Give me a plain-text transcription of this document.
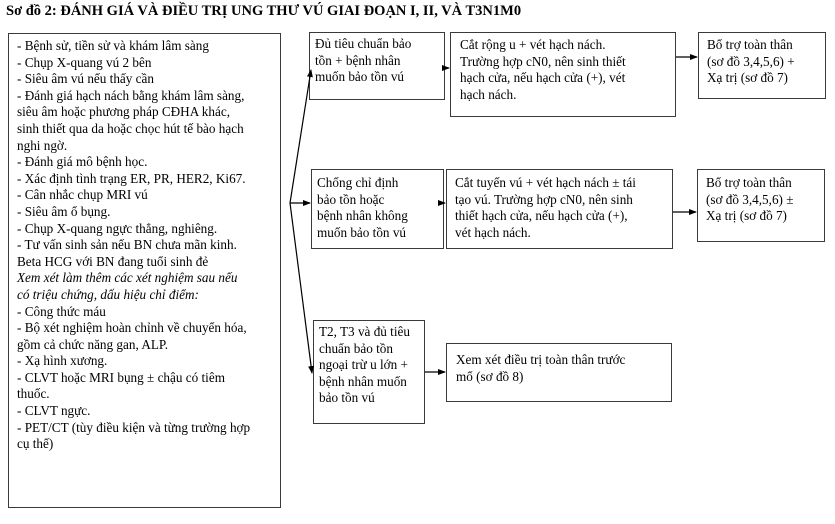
Sơ đồ 2: ĐÁNH GIÁ VÀ ĐIỀU TRỊ UNG THƯ VÚ GIAI ĐOẠN I, II, VÀ T3N1M0
- Bệnh sử, tiền sử và khám lâm sàng
- Chụp X-quang vú 2 bên
- Siêu âm vú nếu thấy cần
- Đánh giá hạch nách bằng khám lâm sàng,
siêu âm hoặc phương pháp CĐHA khác,
sinh thiết qua da hoặc chọc hút tế bào hạch
nghi ngờ.
- Đánh giá mô bệnh học.
- Xác định tình trạng ER, PR, HER2, Ki67.
- Cân nhắc chụp MRI vú
- Siêu âm ổ bụng.
- Chụp X-quang ngực thẳng, nghiêng.
- Tư vấn sinh sản nếu BN chưa mãn kinh.
Beta HCG với BN đang tuổi sinh đẻ
Xem xét làm thêm các xét nghiệm sau nếu
có triệu chứng, dấu hiệu chỉ điểm:
- Công thức máu
- Bộ xét nghiệm hoàn chỉnh về chuyển hóa,
gồm cả chức năng gan, ALP.
- Xạ hình xương.
- CLVT hoặc MRI bụng ± chậu có tiêm
thuốc.
- CLVT ngực.
- PET/CT (tùy điều kiện và từng trường hợp
cụ thể)
Đủ tiêu chuẩn bảo
tồn + bệnh nhân
muốn bảo tồn vú
Cắt rộng u + vét hạch nách.
Trường hợp cN0, nên sinh thiết
hạch cửa, nếu hạch cửa (+), vét
hạch nách.
Bổ trợ toàn thân
(sơ đồ 3,4,5,6) +
Xạ trị (sơ đồ 7)
Chống chỉ định
bảo tồn hoặc
bệnh nhân không
muốn bảo tồn vú
Cắt tuyến vú + vét hạch nách ± tái
tạo vú. Trường hợp cN0, nên sinh
thiết hạch cửa, nếu hạch cửa (+),
vét hạch nách.
Bổ trợ toàn thân
(sơ đồ 3,4,5,6) ±
Xạ trị (sơ đồ 7)
T2, T3 và đủ tiêu
chuẩn bảo tồn
ngoại trừ u lớn +
bệnh nhân muốn
bảo tồn vú
Xem xét điều trị toàn thân trước
mổ (sơ đồ 8)
